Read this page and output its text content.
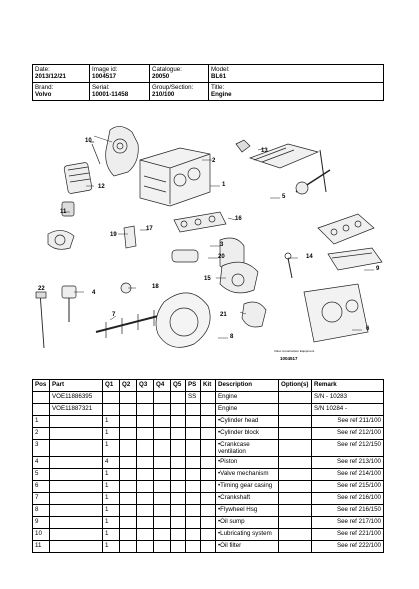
Date:
2013/12/21	Image id:
1004517	Catalogue:
20050	Model:
BL61

Brand:
Volvo	Serial:
10001-11458	Group/Section:
210/100	Title:
Engine
10
2
13
12	1
11
5
16
19
17
3
20	14
4
18
15
22
7
8
21
6
9
Volvo Construction Equipment
1004517
Pos	Part	Q1	Q2	Q3	Q4	Q5	PS	Kit	Description	Option(s)	Remark
	VOE11886395						SS		Engine		S/N - 10283
	VOE11887321								Engine		S/N 10284 -
1		1							•Cylinder head		See ref 211/100
2		1							•Cylinder block		See ref 212/100
3		1							•Crankcase ventilation		See ref 212/150
4		4							•Piston		See ref 213/100
5		1							•Valve mechanism		See ref 214/100
6		1							•Timing gear casing		See ref 215/100
7		1							•Crankshaft		See ref 216/100
8		1							•Flywheel Hsg		See ref 216/150
9		1							•Oil sump		See ref 217/100
10		1							•Lubricating system		See ref 221/100
11		1							•Oil filter		See ref 222/100
